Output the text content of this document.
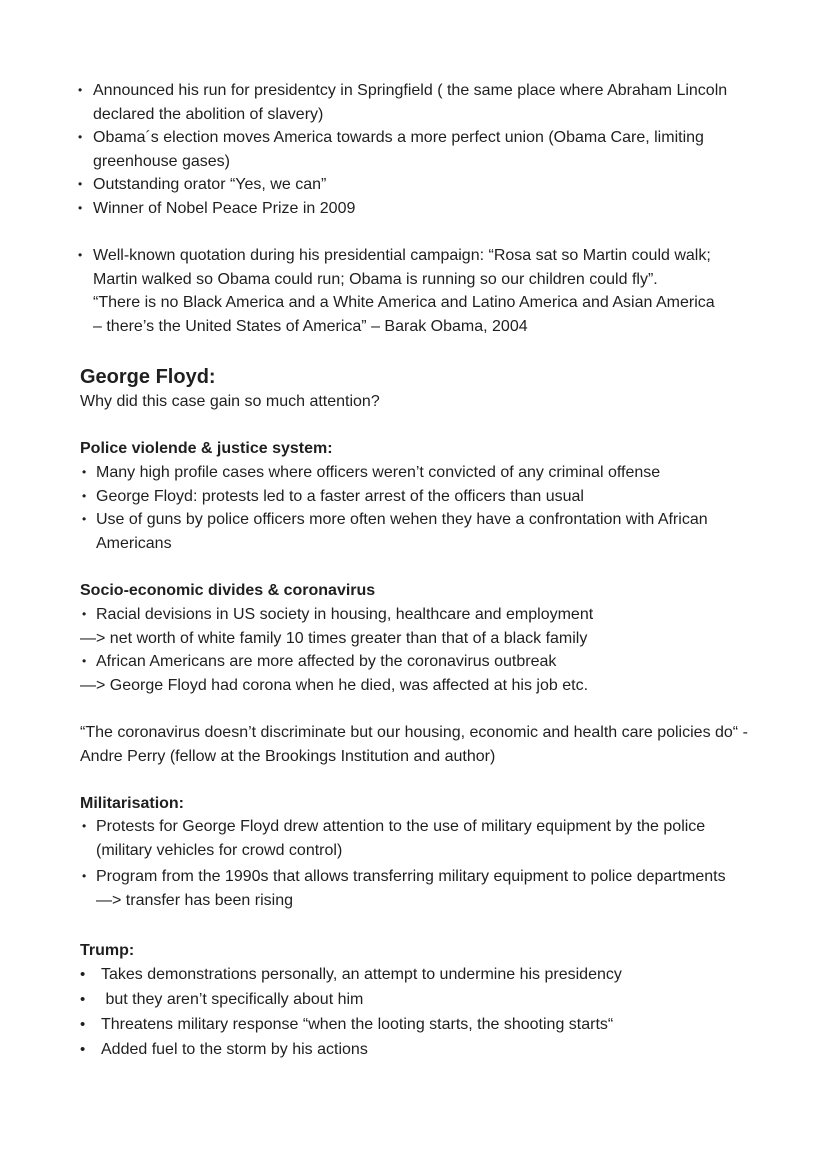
• Announced his run for presidentcy in Springfield ( the same place where Abraham Lincoln declared the abolition of slavery)
• Obama´s election moves America towards a more perfect union (Obama Care, limiting greenhouse gases)
• Outstanding orator “Yes, we can”
• Winner of Nobel Peace Prize in 2009
• Well-known quotation during his presidential campaign: “Rosa sat so Martin could walk;
Martin walked so Obama could run; Obama is running so our children could fly”.
“There is no Black America and a White America and Latino America and Asian America
– there’s the United States of America” – Barak Obama, 2004
George Floyd:
Why did this case gain so much attention?
Police violende & justice system:
• Many high profile cases where officers weren’t convicted of any criminal offense
• George Floyd: protests led to a faster arrest of the officers than usual
• Use of guns by police officers more often wehen they have a confrontation with African Americans
Socio-economic divides & coronavirus
• Racial devisions in US society in housing, healthcare and employment
—> net worth of white family 10 times greater than that of a black family
• African Americans are more affected by the coronavirus outbreak
—> George Floyd had corona when he died, was affected at his job etc.
“The coronavirus doesn’t discriminate but our housing, economic and health care policies do“ - Andre Perry (fellow at the Brookings Institution and author)
Militarisation:
• Protests for George Floyd drew attention to the use of military equipment by the police (military vehicles for crowd control)
• Program from the 1990s that allows transferring military equipment to police departments —> transfer has been rising
Trump:
• Takes demonstrations personally, an attempt to undermine his presidency
•  but they aren’t specifically about him
• Threatens military response “when the looting starts, the shooting starts“
• Added fuel to the storm by his actions
